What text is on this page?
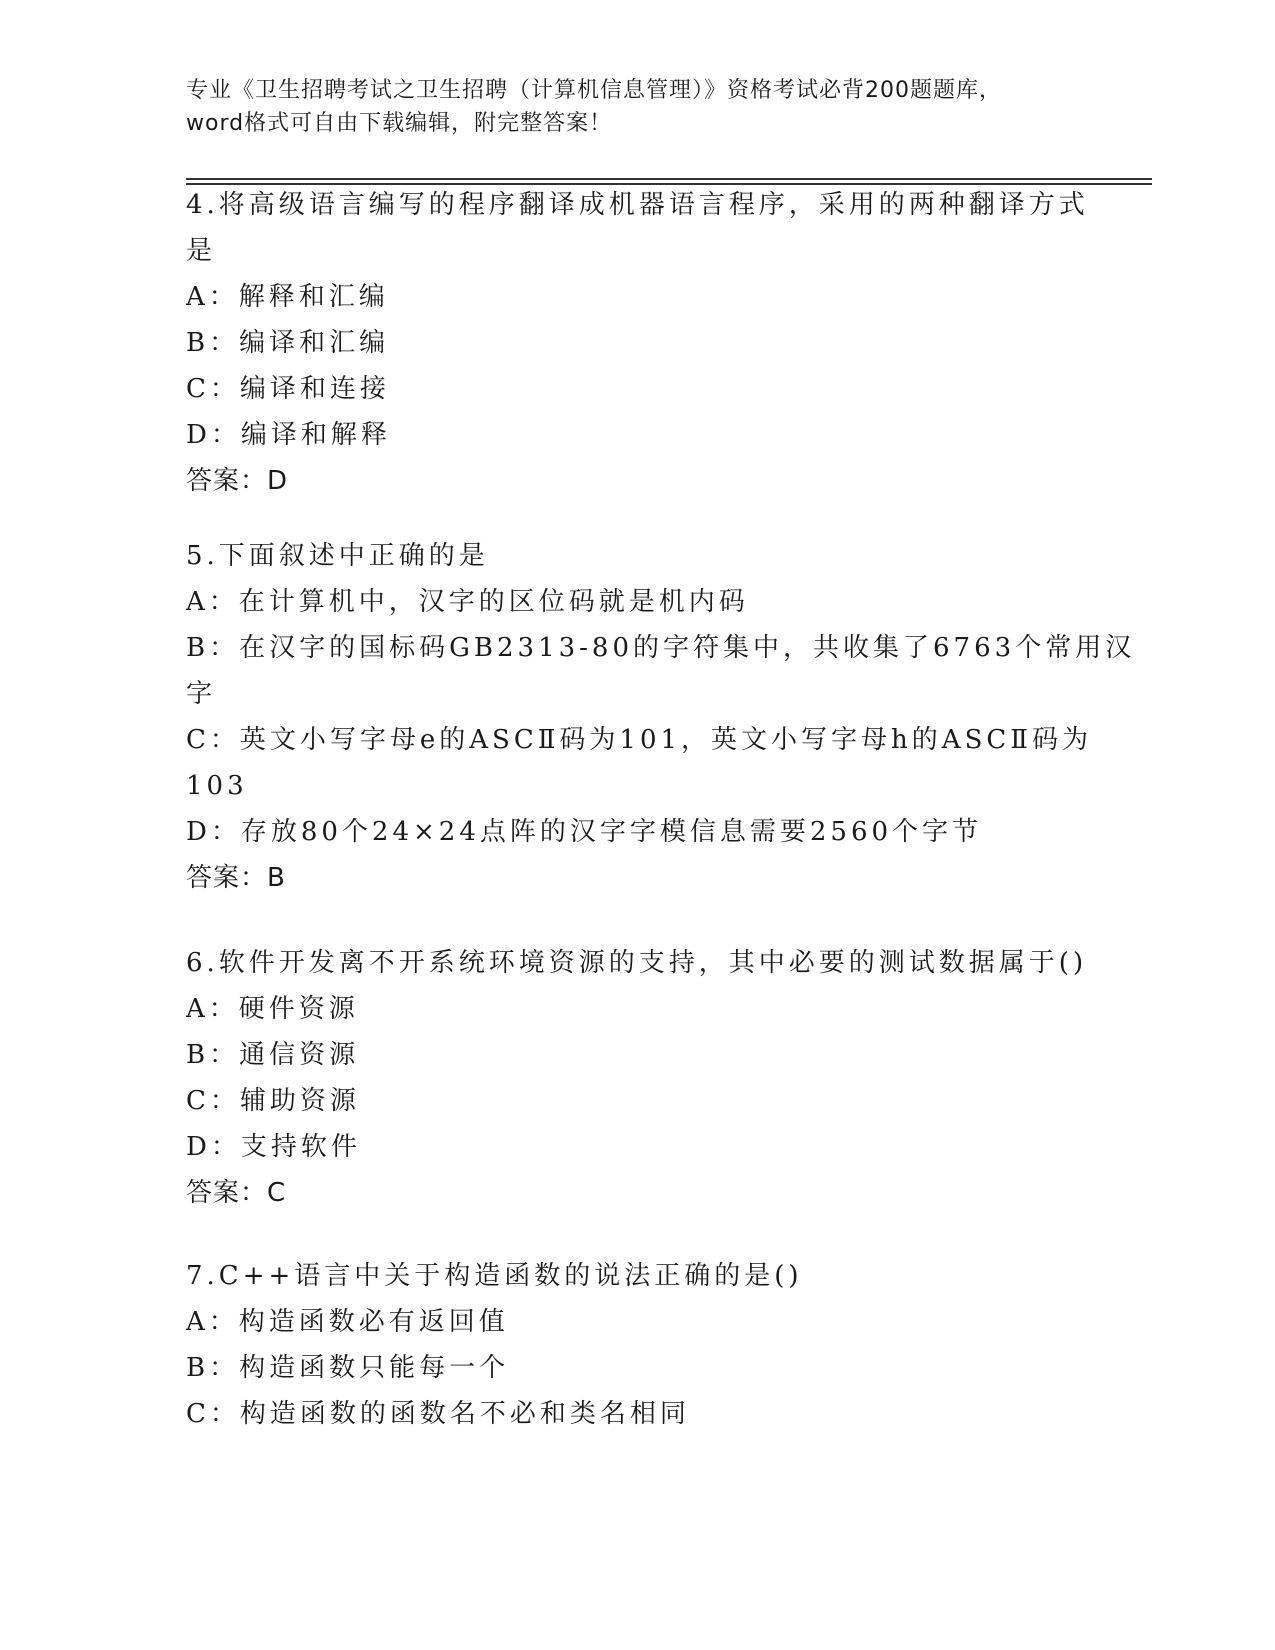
专业《卫生招聘考试之卫生招聘（计算机信息管理）》资格考试必背200题题库，
word格式可自由下载编辑，附完整答案！
4.将高级语言编写的程序翻译成机器语言程序，采用的两种翻译方式
是
A：解释和汇编
B：编译和汇编
C：编译和连接
D：编译和解释
答案：D
5.下面叙述中正确的是
A：在计算机中，汉字的区位码就是机内码
B：在汉字的国标码GB2313-80的字符集中，共收集了6763个常用汉
字
C：英文小写字母e的ASCⅡ码为101，英文小写字母h的ASCⅡ码为
103
D：存放80个24×24点阵的汉字字模信息需要2560个字节
答案：B
6.软件开发离不开系统环境资源的支持，其中必要的测试数据属于()
A：硬件资源
B：通信资源
C：辅助资源
D：支持软件
答案：C
7.C++语言中关于构造函数的说法正确的是()
A：构造函数必有返回值
B：构造函数只能每一个
C：构造函数的函数名不必和类名相同
